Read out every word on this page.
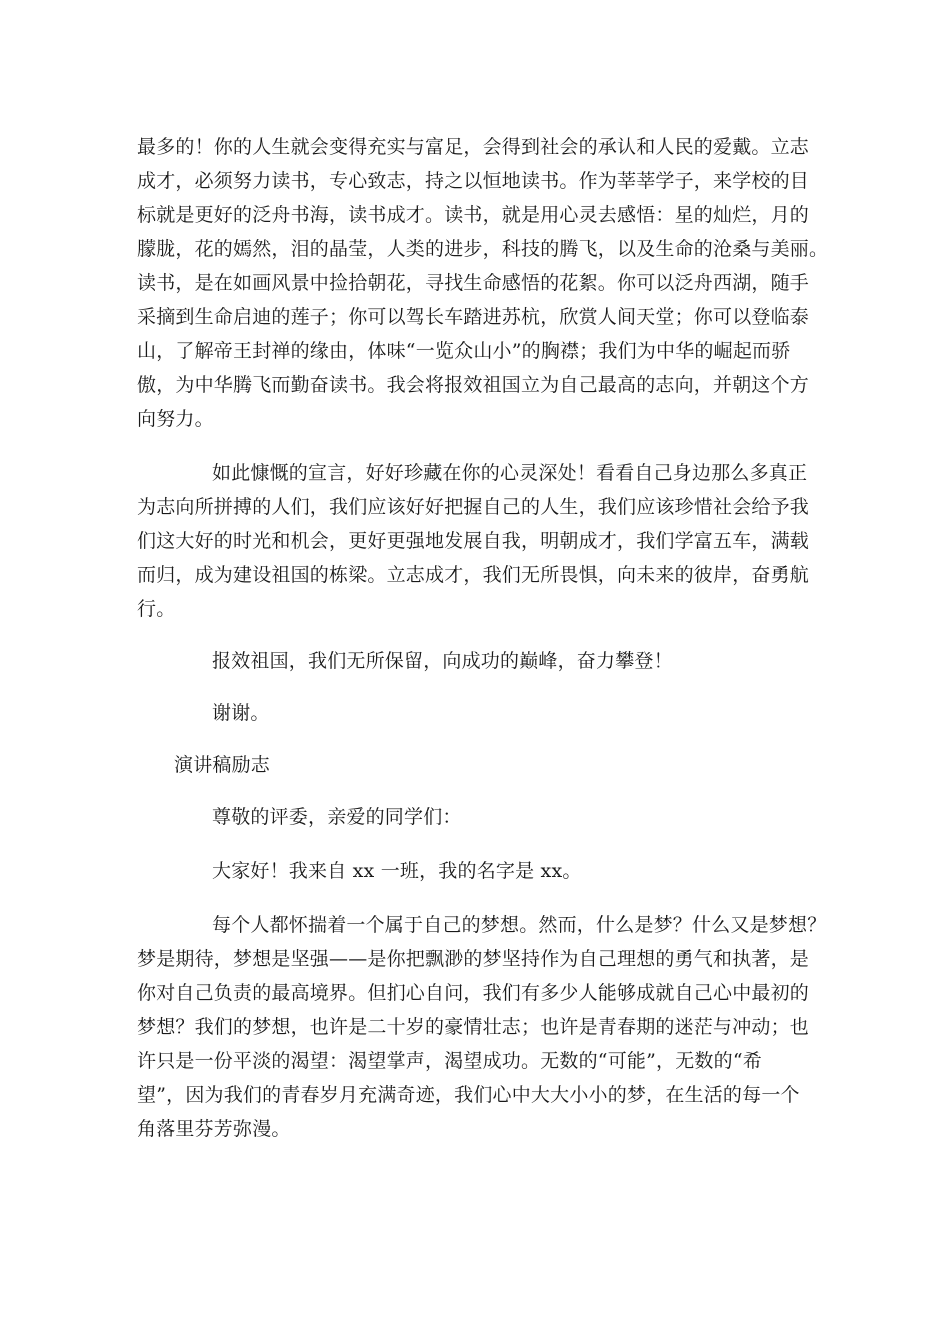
最多的！你的人生就会变得充实与富足，会得到社会的承认和人民的爱戴。立志
成才，必须努力读书，专心致志，持之以恒地读书。作为莘莘学子，来学校的目
标就是更好的泛舟书海，读书成才。读书，就是用心灵去感悟：星的灿烂，月的
朦胧，花的嫣然，泪的晶莹，人类的进步，科技的腾飞，以及生命的沧桑与美丽。
读书，是在如画风景中捡拾朝花，寻找生命感悟的花絮。你可以泛舟西湖，随手
采摘到生命启迪的莲子；你可以驾长车踏进苏杭，欣赏人间天堂；你可以登临泰
山，了解帝王封禅的缘由，体味“一览众山小”的胸襟；我们为中华的崛起而骄
傲，为中华腾飞而勤奋读书。我会将报效祖国立为自己最高的志向，并朝这个方
向努力。
如此慷慨的宣言，好好珍藏在你的心灵深处！看看自己身边那么多真正
为志向所拼搏的人们，我们应该好好把握自己的人生，我们应该珍惜社会给予我
们这大好的时光和机会，更好更强地发展自我，明朝成才，我们学富五车，满载
而归，成为建设祖国的栋梁。立志成才，我们无所畏惧，向未来的彼岸，奋勇航
行。
报效祖国，我们无所保留，向成功的巅峰，奋力攀登！
谢谢。
演讲稿励志
尊敬的评委，亲爱的同学们：
大家好！我来自 xx 一班，我的名字是 xx。
每个人都怀揣着一个属于自己的梦想。然而，什么是梦？什么又是梦想？
梦是期待，梦想是坚强——是你把飘渺的梦坚持作为自己理想的勇气和执著，是
你对自己负责的最高境界。但扪心自问，我们有多少人能够成就自己心中最初的
梦想？我们的梦想，也许是二十岁的豪情壮志；也许是青春期的迷茫与冲动；也
许只是一份平淡的渴望：渴望掌声，渴望成功。无数的“可能”，无数的“希
望”，因为我们的青春岁月充满奇迹，我们心中大大小小的梦，在生活的每一个
角落里芬芳弥漫。
